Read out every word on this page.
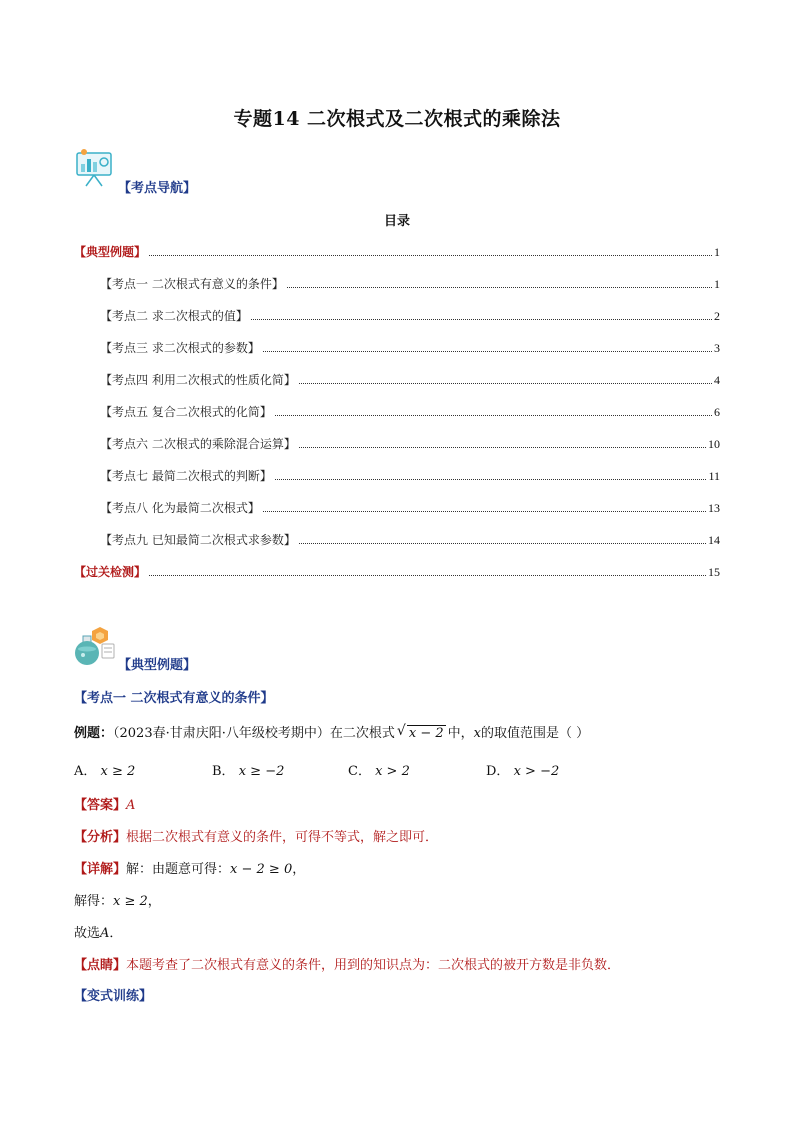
专题14 二次根式及二次根式的乘除法
【考点导航】
目录
【典型例题】	1
【考点一 二次根式有意义的条件】	1
【考点二 求二次根式的值】	2
【考点三 求二次根式的参数】	3
【考点四 利用二次根式的性质化简】	4
【考点五 复合二次根式的化简】	6
【考点六 二次根式的乘除混合运算】	10
【考点七 最简二次根式的判断】	11
【考点八 化为最简二次根式】	13
【考点九 已知最简二次根式求参数】	14
【过关检测】	15
【典型例题】
【考点一 二次根式有意义的条件】
例题：（2023春·甘肃庆阳·八年级校考期中）在二次根式 √ x − 2 中，x的取值范围是（ ）
A． x ≥ 2	B． x ≥ −2	C． x > 2	D． x > −2
【答案】A
【分析】根据二次根式有意义的条件，可得不等式，解之即可．
【详解】解：由题意可得：x − 2 ≥ 0，
解得：x ≥ 2，
故选A．
【点睛】本题考查了二次根式有意义的条件，用到的知识点为：二次根式的被开方数是非负数．
【变式训练】
